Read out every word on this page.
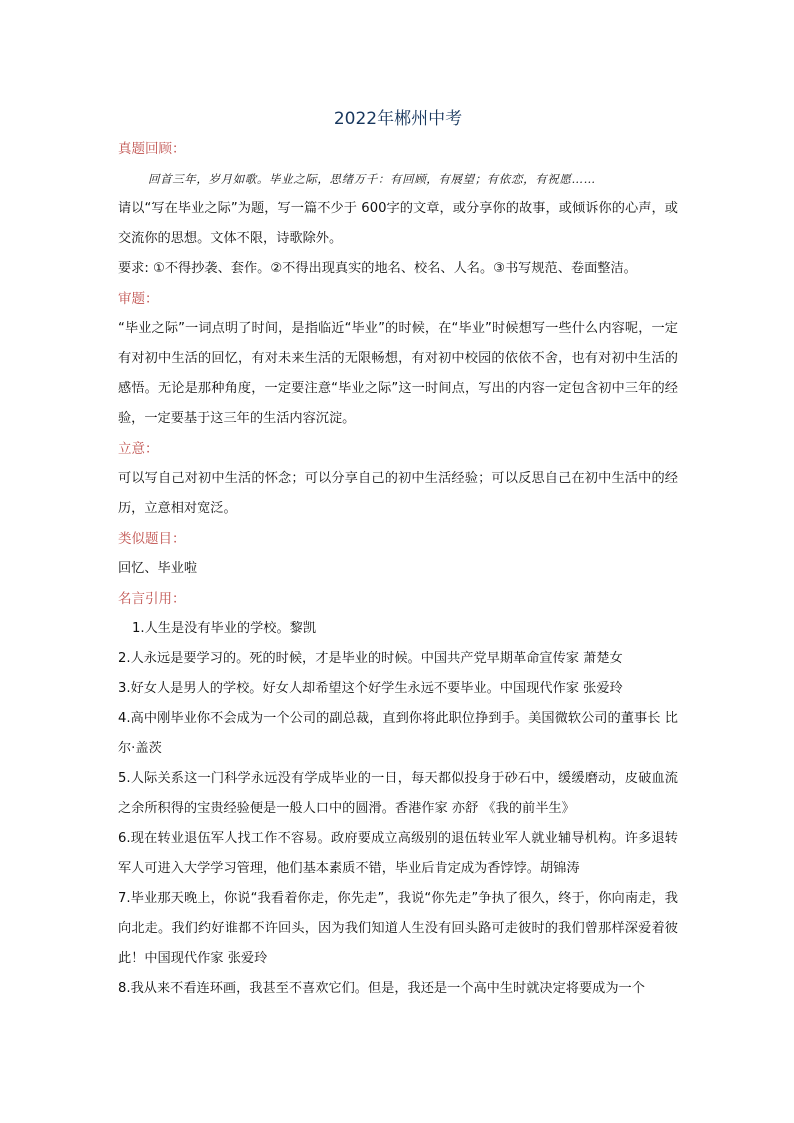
2022年郴州中考
真题回顾：
回首三年，岁月如歌。毕业之际，思绪万千：有回顾，有展望；有依恋，有祝愿……
请以“写在毕业之际”为题，写一篇不少于 600字的文章，或分享你的故事，或倾诉你的心声，或交流你的思想。文体不限，诗歌除外。
要求: ①不得抄袭、套作。②不得出现真实的地名、校名、人名。③书写规范、卷面整洁。
审题：
“毕业之际”一词点明了时间，是指临近“毕业”的时候，在“毕业”时候想写一些什么内容呢，一定有对初中生活的回忆，有对未来生活的无限畅想，有对初中校园的依依不舍，也有对初中生活的感悟。无论是那种角度，一定要注意“毕业之际”这一时间点，写出的内容一定包含初中三年的经验，一定要基于这三年的生活内容沉淀。
立意：
可以写自己对初中生活的怀念；可以分享自己的初中生活经验；可以反思自己在初中生活中的经历，立意相对宽泛。
类似题目：
回忆、毕业啦
名言引用：
1.人生是没有毕业的学校。黎凯
2.人永远是要学习的。死的时候，才是毕业的时候。中国共产党早期革命宣传家 萧楚女
3.好女人是男人的学校。好女人却希望这个好学生永远不要毕业。中国现代作家 张爱玲
4.高中刚毕业你不会成为一个公司的副总裁，直到你将此职位挣到手。美国微软公司的董事长 比尔·盖茨
5.人际关系这一门科学永远没有学成毕业的一日，每天都似投身于砂石中，缓缓磨动，皮破血流之余所积得的宝贵经验便是一般人口中的圆滑。香港作家 亦舒 《我的前半生》
6.现在转业退伍军人找工作不容易。政府要成立高级别的退伍转业军人就业辅导机构。许多退转军人可进入大学学习管理，他们基本素质不错，毕业后肯定成为香饽饽。胡锦涛
7.毕业那天晚上，你说“我看着你走，你先走”，我说“你先走”争执了很久，终于，你向南走，我向北走。我们约好谁都不许回头，因为我们知道人生没有回头路可走彼时的我们曾那样深爱着彼此！中国现代作家 张爱玲
8.我从来不看连环画，我甚至不喜欢它们。但是，我还是一个高中生时就决定将要成为一个
